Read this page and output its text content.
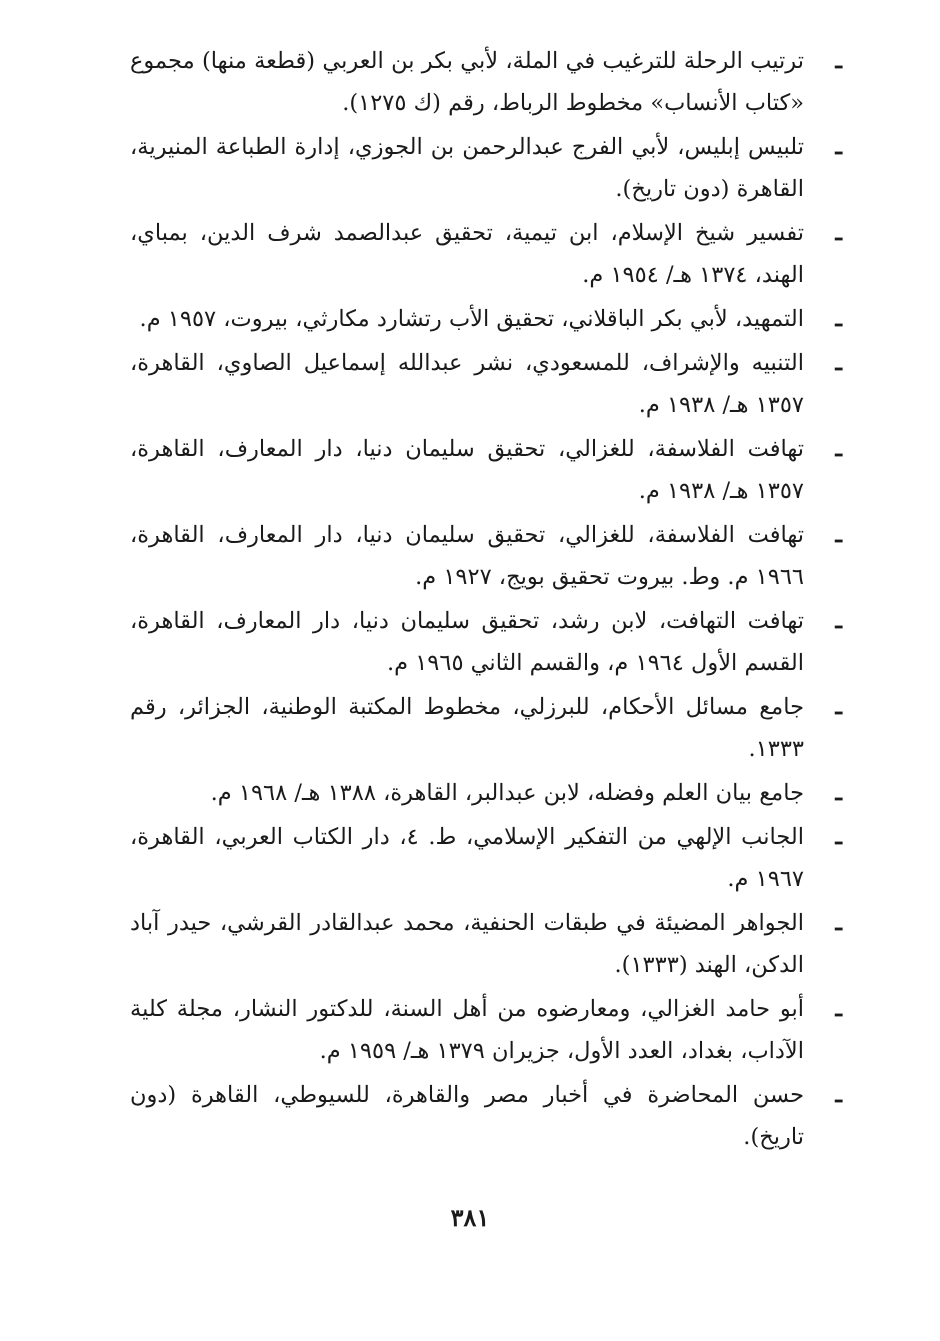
ـ
ترتيب الرحلة للترغيب في الملة، لأبي بكر بن العربي (قطعة منها) مجموع «كتاب الأنساب» مخطوط الرباط، رقم (ك ١٢٧٥).
ـ
تلبيس إبليس، لأبي الفرج عبدالرحمن بن الجوزي، إدارة الطباعة المنيرية، القاهرة (دون تاريخ).
ـ
تفسير شيخ الإسلام، ابن تيمية، تحقيق عبدالصمد شرف الدين، بمباي، الهند، ١٣٧٤ هـ/ ١٩٥٤ م.
ـ
التمهيد، لأبي بكر الباقلاني، تحقيق الأب رتشارد مكارثي، بيروت، ١٩٥٧ م.
ـ
التنبيه والإشراف، للمسعودي، نشر عبدالله إسماعيل الصاوي، القاهرة، ١٣٥٧ هـ/ ١٩٣٨ م.
ـ
تهافت الفلاسفة، للغزالي، تحقيق سليمان دنيا، دار المعارف، القاهرة، ١٣٥٧ هـ/ ١٩٣٨ م.
ـ
تهافت الفلاسفة، للغزالي، تحقيق سليمان دنيا، دار المعارف، القاهرة، ١٩٦٦ م. وط. بيروت تحقيق بويج، ١٩٢٧ م.
ـ
تهافت التهافت، لابن رشد، تحقيق سليمان دنيا، دار المعارف، القاهرة، القسم الأول ١٩٦٤ م، والقسم الثاني ١٩٦٥ م.
ـ
جامع مسائل الأحكام، للبرزلي، مخطوط المكتبة الوطنية، الجزائر، رقم ١٣٣٣.
ـ
جامع بيان العلم وفضله، لابن عبدالبر، القاهرة، ١٣٨٨ هـ/ ١٩٦٨ م.
ـ
الجانب الإلهي من التفكير الإسلامي، ط. ٤، دار الكتاب العربي، القاهرة، ١٩٦٧ م.
ـ
الجواهر المضيئة في طبقات الحنفية، محمد عبدالقادر القرشي، حيدر آباد الدكن، الهند (١٣٣٣).
ـ
أبو حامد الغزالي، ومعارضوه من أهل السنة، للدكتور النشار، مجلة كلية الآداب، بغداد، العدد الأول، جزيران ١٣٧٩ هـ/ ١٩٥٩ م.
ـ
حسن المحاضرة في أخبار مصر والقاهرة، للسيوطي، القاهرة (دون تاريخ).
٣٨١
